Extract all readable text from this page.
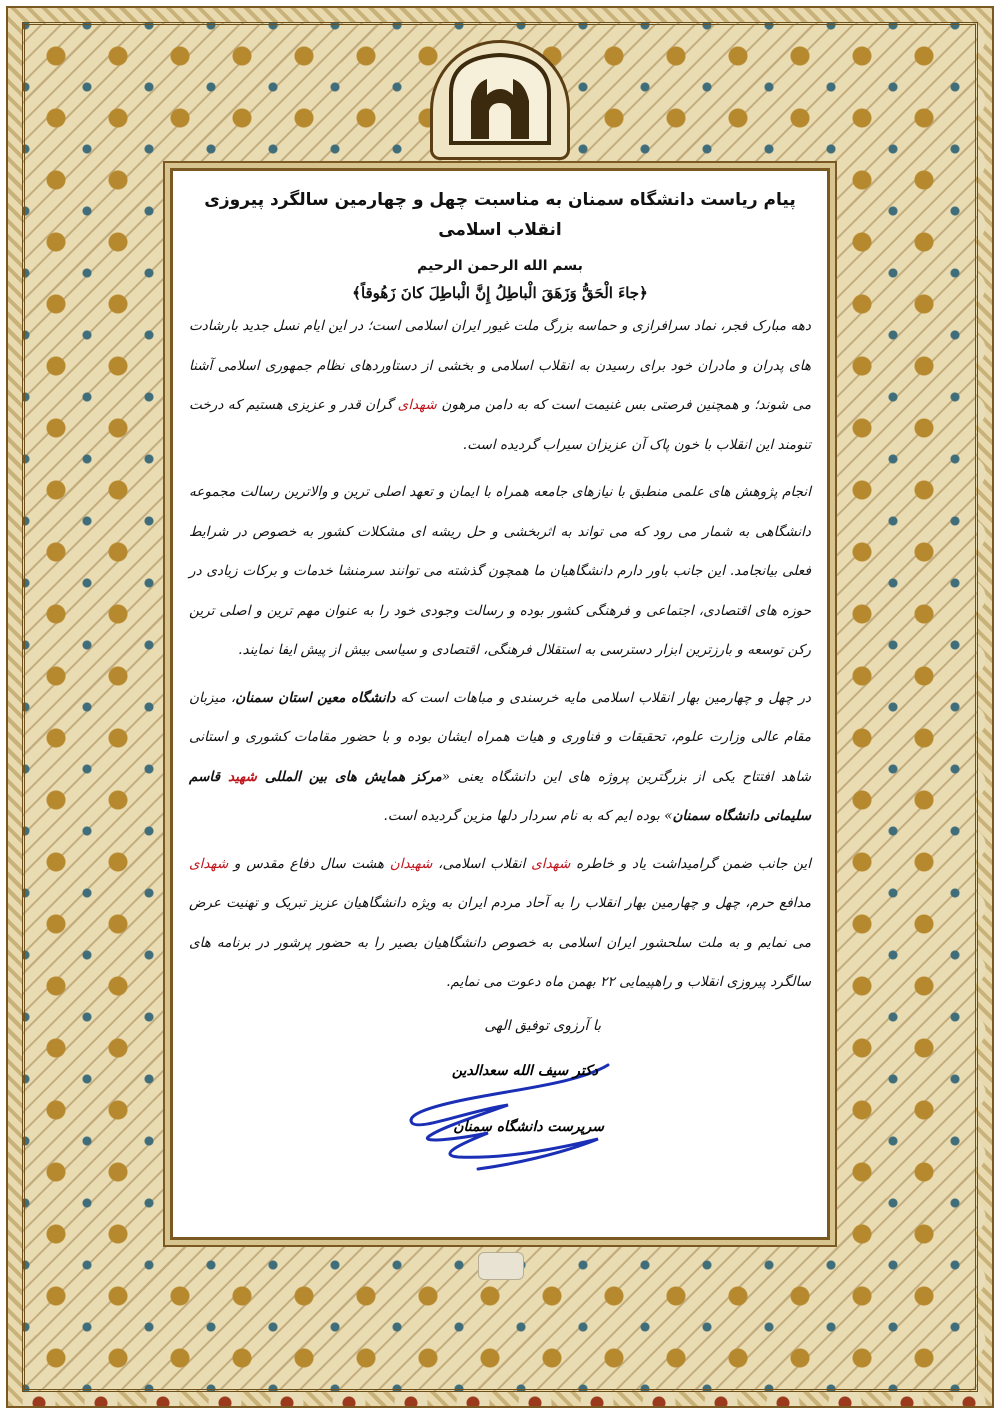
پیام ریاست دانشگاه سمنان به مناسبت چهل و چهارمین سالگرد پیروزی انقلاب اسلامی

بسم الله الرحمن الرحیم
﴿جاءَ الْحَقُّ وَزَهَقَ الْباطِلُ إِنَّ الْباطِلَ کانَ زَهُوقاً﴾

دهه مبارک فجر، نماد سرافرازی و حماسه بزرگ ملت غیور ایران اسلامی است؛ در این ایام نسل جدید بارشادت های پدران و مادران خود برای رسیدن به انقلاب اسلامی و بخشی از دستاوردهای نظام جمهوری اسلامی آشنا می شوند؛ و همچنین فرصتی بس غنیمت است که به دامن مرهون شهدای گران قدر و عزیزی هستیم که درخت تنومند این انقلاب با خون پاک آن عزیزان سیراب گردیده است.

انجام پژوهش های علمی منطبق با نیازهای جامعه همراه با ایمان و تعهد اصلی ترین و والاترین رسالت مجموعه دانشگاهی به شمار می رود که می تواند به اثربخشی و حل ریشه ای مشکلات کشور به خصوص در شرایط فعلی بیانجامد. این جانب باور دارم دانشگاهیان ما همچون گذشته می توانند سرمنشا خدمات و برکات زیادی در حوزه های اقتصادی، اجتماعی و فرهنگی کشور بوده و رسالت وجودی خود را به عنوان مهم ترین و اصلی ترین رکن توسعه و بارزترین ابزار دسترسی به استقلال فرهنگی، اقتصادی و سیاسی بیش از پیش ایفا نمایند.

در چهل و چهارمین بهار انقلاب اسلامی مایه خرسندی و مباهات است که دانشگاه معین استان سمنان، میزبان مقام عالی وزارت علوم، تحقیقات و فناوری و هیات همراه ایشان بوده و با حضور مقامات کشوری و استانی شاهد افتتاح یکی از بزرگترین پروژه های این دانشگاه یعنی «مرکز همایش های بین المللی شهید قاسم سلیمانی دانشگاه سمنان» بوده ایم که به نام سردار دلها مزین گردیده است.

این جانب ضمن گرامیداشت یاد و خاطره شهدای انقلاب اسلامی، شهیدان هشت سال دفاع مقدس و شهدای مدافع حرم، چهل و چهارمین بهار انقلاب را به آحاد مردم ایران به ویژه دانشگاهیان عزیز تبریک و تهنیت عرض می نمایم و به ملت سلحشور ایران اسلامی به خصوص دانشگاهیان بصیر را به حضور پرشور در برنامه های سالگرد پیروزی انقلاب و راهپیمایی ۲۲ بهمن ماه دعوت می نمایم.

با آرزوی توفیق الهی
دکتر سیف الله سعدالدین
سرپرست دانشگاه سمنان
